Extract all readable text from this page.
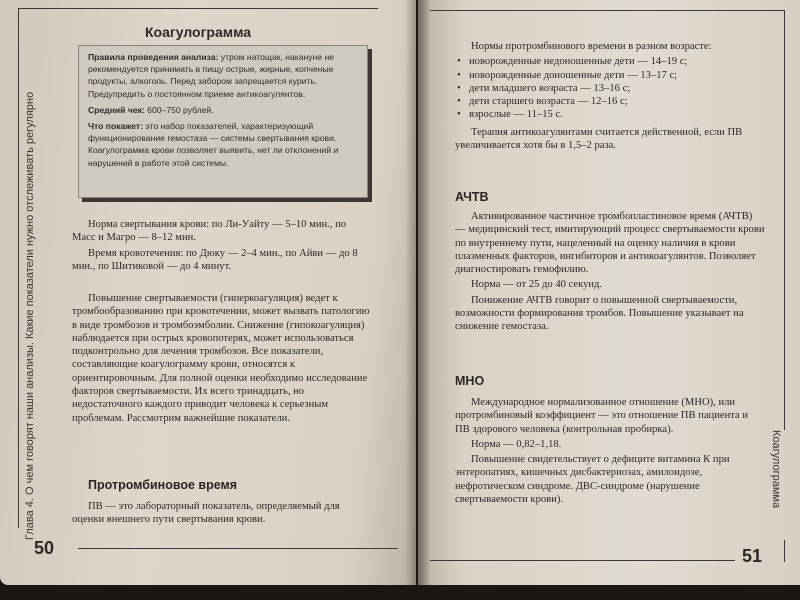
Глава 4. О чем говорят наши анализы. Какие показатели нужно отслеживать регулярно	Коагулограмма
Коагулограмма

Правила проведения анализа: утром натощак, накануне не рекомендуется принимать в пищу острые, жирные, копченые продукты, алкоголь. Перед забором запрещается курить. Предупредить о постоянном приеме антикоагулянтов.

Средний чек: 600–750 рублей.

Что покажет: это набор показателей, характеризующий функционирование гемостаза — системы свертывания крови. Коагулограмма крови позволяет выявить, нет ли отклонений и нарушений в работе этой системы.

Норма свертывания крови: по Ли-Уайту — 5–10 мин., по Масс и Магро — 8–12 мин.

Время кровотечения: по Дюку — 2–4 мин., по Айви — до 8 мин., по Шитиковой — до 4 минут.

Повышение свертываемости (гиперкоагуляция) ведет к тромбообразованию при кровотечении, может вызвать патологию в виде тромбозов и тромбоэмболии. Снижение (гипокоагуляция) наблюдается при острых кровопотерях, может использоваться подконтрольно для лечения тромбозов. Все показатели, составляющие коагулограмму крови, относятся к ориентировочным. Для полной оценки необходимо исследование факторов свертываемости. Их всего тринадцать, но недостаточного каждого приводит человека к серьезным проблемам. Рассмотрим важнейшие показатели.

Протромбиновое время

ПВ — это лабораторный показатель, определяемый для оценки внешнего пути свертывания крови.

50

Нормы протромбинового времени в разном возрасте:

• новорожденные недоношенные дети — 14–19 с;
• новорожденные доношенные дети — 13–17 с;
• дети младшего возраста — 13–16 с;
• дети старшего возраста — 12–16 с;
• взрослые — 11–15 с.

Терапия антикоагулянтами считается действенной, если ПВ увеличивается хотя бы в 1,5–2 раза.

АЧТВ

Активированное частичное тромбопластиновое время (АЧТВ) — медицинский тест, имитирующий процесс свертываемости крови по внутреннему пути, нацеленный на оценку наличия в крови плазменных факторов, ингибиторов и антикоагулянтов. Позволяет диагностировать гемофилию.

Норма — от 25 до 40 секунд.

Понижение АЧТВ говорит о повышенной свертываемости, возможности формирования тромбов. Повышение указывает на снижение гемостаза.

МНО

Международное нормализованное отношение (МНО), или протромбиновый коэффициент — это отношение ПВ пациента и ПВ здорового человека (контрольная пробирка).

Норма — 0,82–1,18.

Повышение свидетельствует о дефиците витамина К при энтеропатиях, кишечных дисбактериозах, амилоидозе, нефротическом синдроме. ДВС-синдроме (нарушение свертываемости крови).

51
